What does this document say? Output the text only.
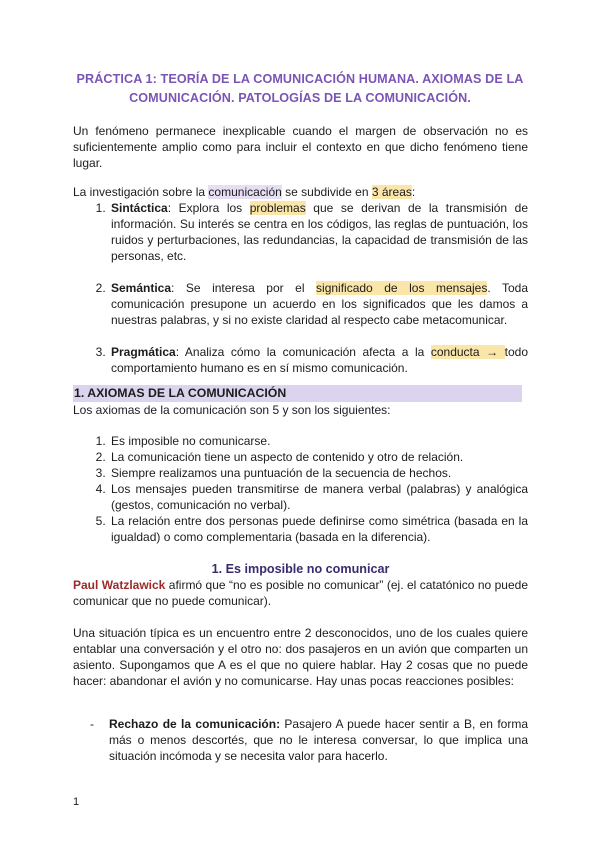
PRÁCTICA 1: TEORÍA DE LA COMUNICACIÓN HUMANA. AXIOMAS DE LA
COMUNICACIÓN. PATOLOGÍAS DE LA COMUNICACIÓN.

Un fenómeno permanece inexplicable cuando el margen de observación no es suficientemente amplio como para incluir el contexto en que dicho fenómeno tiene lugar.

La investigación sobre la comunicación se subdivide en 3 áreas:

1. Sintáctica: Explora los problemas que se derivan de la transmisión de información. Su interés se centra en los códigos, las reglas de puntuación, los ruidos y perturbaciones, las redundancias, la capacidad de transmisión de las personas, etc.
2. Semántica: Se interesa por el significado de los mensajes. Toda comunicación presupone un acuerdo en los significados que les damos a nuestras palabras, y si no existe claridad al respecto cabe metacomunicar.
3. Pragmática: Analiza cómo la comunicación afecta a la conducta → todo comportamiento humano es en sí mismo comunicación.
1. AXIOMAS DE LA COMUNICACIÓN

Los axiomas de la comunicación son 5 y son los siguientes:

1. Es imposible no comunicarse.
2. La comunicación tiene un aspecto de contenido y otro de relación.
3. Siempre realizamos una puntuación de la secuencia de hechos.
4. Los mensajes pueden transmitirse de manera verbal (palabras) y analógica (gestos, comunicación no verbal).
5. La relación entre dos personas puede definirse como simétrica (basada en la igualdad) o como complementaria (basada en la diferencia).
1. Es imposible no comunicar

Paul Watzlawick afirmó que “no es posible no comunicar” (ej. el catatónico no puede comunicar que no puede comunicar).

Una situación típica es un encuentro entre 2 desconocidos, uno de los cuales quiere entablar una conversación y el otro no: dos pasajeros en un avión que comparten un asiento. Supongamos que A es el que no quiere hablar. Hay 2 cosas que no puede hacer: abandonar el avión y no comunicarse. Hay unas pocas reacciones posibles:

- Rechazo de la comunicación: Pasajero A puede hacer sentir a B, en forma más o menos descortés, que no le interesa conversar, lo que implica una situación incómoda y se necesita valor para hacerlo.
1
